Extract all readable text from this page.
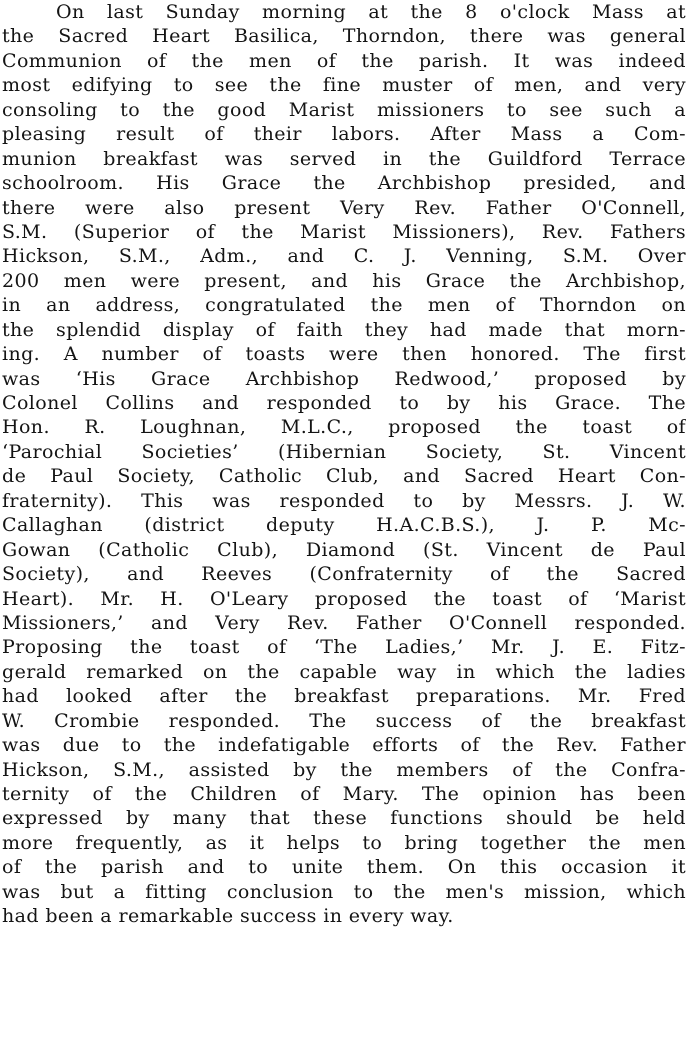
On last Sunday morning at the 8 o'clock Mass at
the Sacred Heart Basilica, Thorndon, there was general
Communion of the men of the parish. It was indeed
most edifying to see the fine muster of men, and very
consoling to the good Marist missioners to see such a
pleasing result of their labors. After Mass a Com-
munion breakfast was served in the Guildford Terrace
schoolroom. His Grace the Archbishop presided, and
there were also present Very Rev. Father O'Connell,
S.M. (Superior of the Marist Missioners), Rev. Fathers
Hickson, S.M., Adm., and C. J. Venning, S.M. Over
200 men were present, and his Grace the Archbishop,
in an address, congratulated the men of Thorndon on
the splendid display of faith they had made that morn-
ing. A number of toasts were then honored. The first
was ‘His Grace Archbishop Redwood,’ proposed by
Colonel Collins and responded to by his Grace. The
Hon. R. Loughnan, M.L.C., proposed the toast of
‘Parochial Societies’ (Hibernian Society, St. Vincent
de Paul Society, Catholic Club, and Sacred Heart Con-
fraternity). This was responded to by Messrs. J. W.
Callaghan (district deputy H.A.C.B.S.), J. P. Mc-
Gowan (Catholic Club), Diamond (St. Vincent de Paul
Society), and Reeves (Confraternity of the Sacred
Heart). Mr. H. O'Leary proposed the toast of ‘Marist
Missioners,’ and Very Rev. Father O'Connell responded.
Proposing the toast of ‘The Ladies,’ Mr. J. E. Fitz-
gerald remarked on the capable way in which the ladies
had looked after the breakfast preparations. Mr. Fred
W. Crombie responded. The success of the breakfast
was due to the indefatigable efforts of the Rev. Father
Hickson, S.M., assisted by the members of the Confra-
ternity of the Children of Mary. The opinion has been
expressed by many that these functions should be held
more frequently, as it helps to bring together the men
of the parish and to unite them. On this occasion it
was but a fitting conclusion to the men's mission, which
had been a remarkable success in every way.
